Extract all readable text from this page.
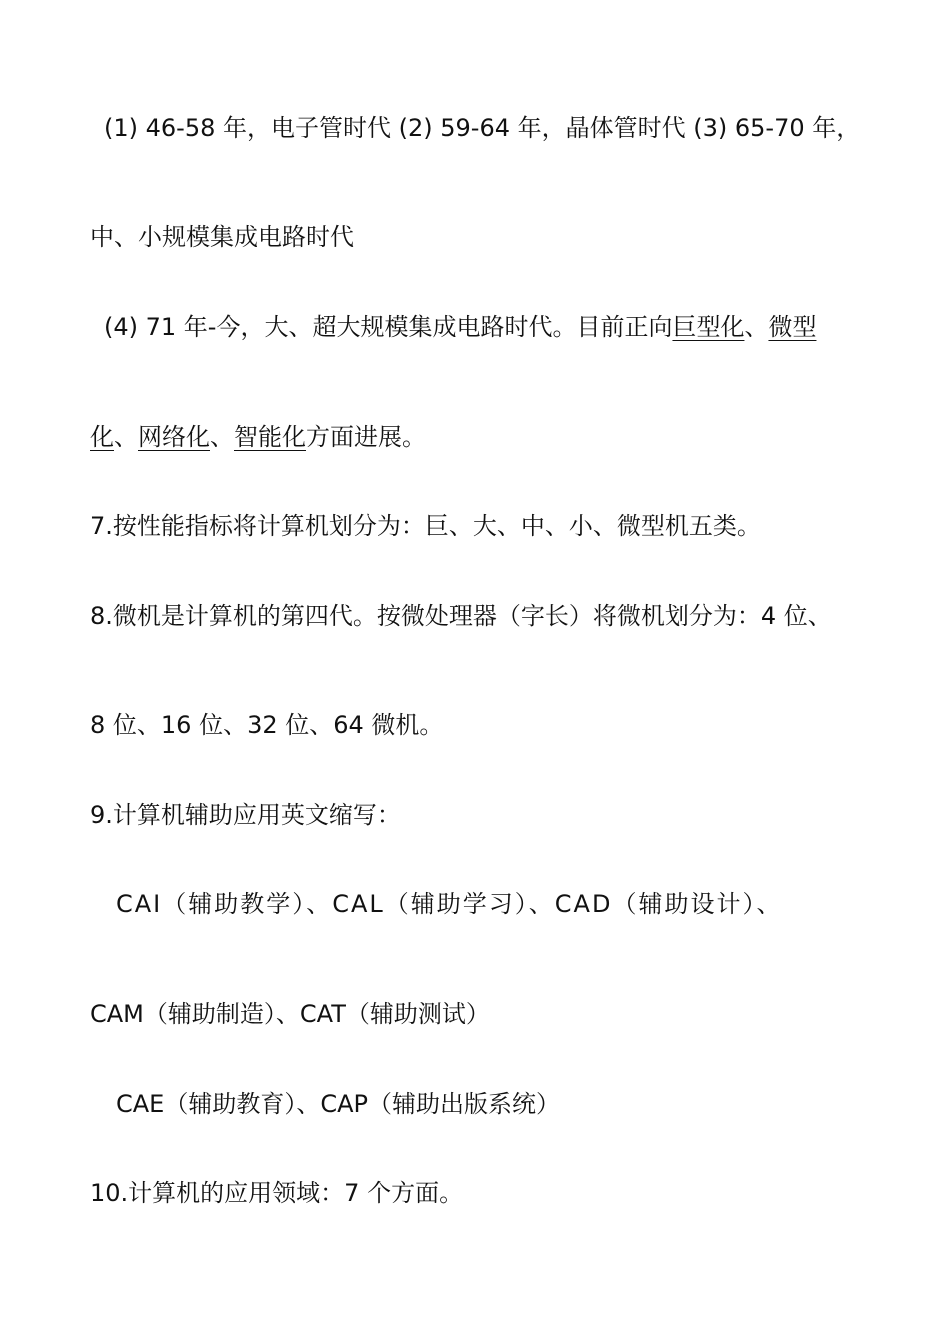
(1) 46-58 年，电子管时代 (2) 59-64 年，晶体管时代 (3) 65-70 年，

中、小规模集成电路时代

(4) 71 年-今，大、超大规模集成电路时代。目前正向巨型化、微型

化、网络化、智能化方面进展。

7.按性能指标将计算机划分为：巨、大、中、小、微型机五类。

8.微机是计算机的第四代。按微处理器（字长）将微机划分为：4 位、

8 位、16 位、32 位、64 微机。

9.计算机辅助应用英文缩写：

CAI（辅助教学）、CAL（辅助学习）、CAD（辅助设计）、

CAM（辅助制造）、CAT（辅助测试）

CAE（辅助教育）、CAP（辅助出版系统）

10.计算机的应用领域：7 个方面。
